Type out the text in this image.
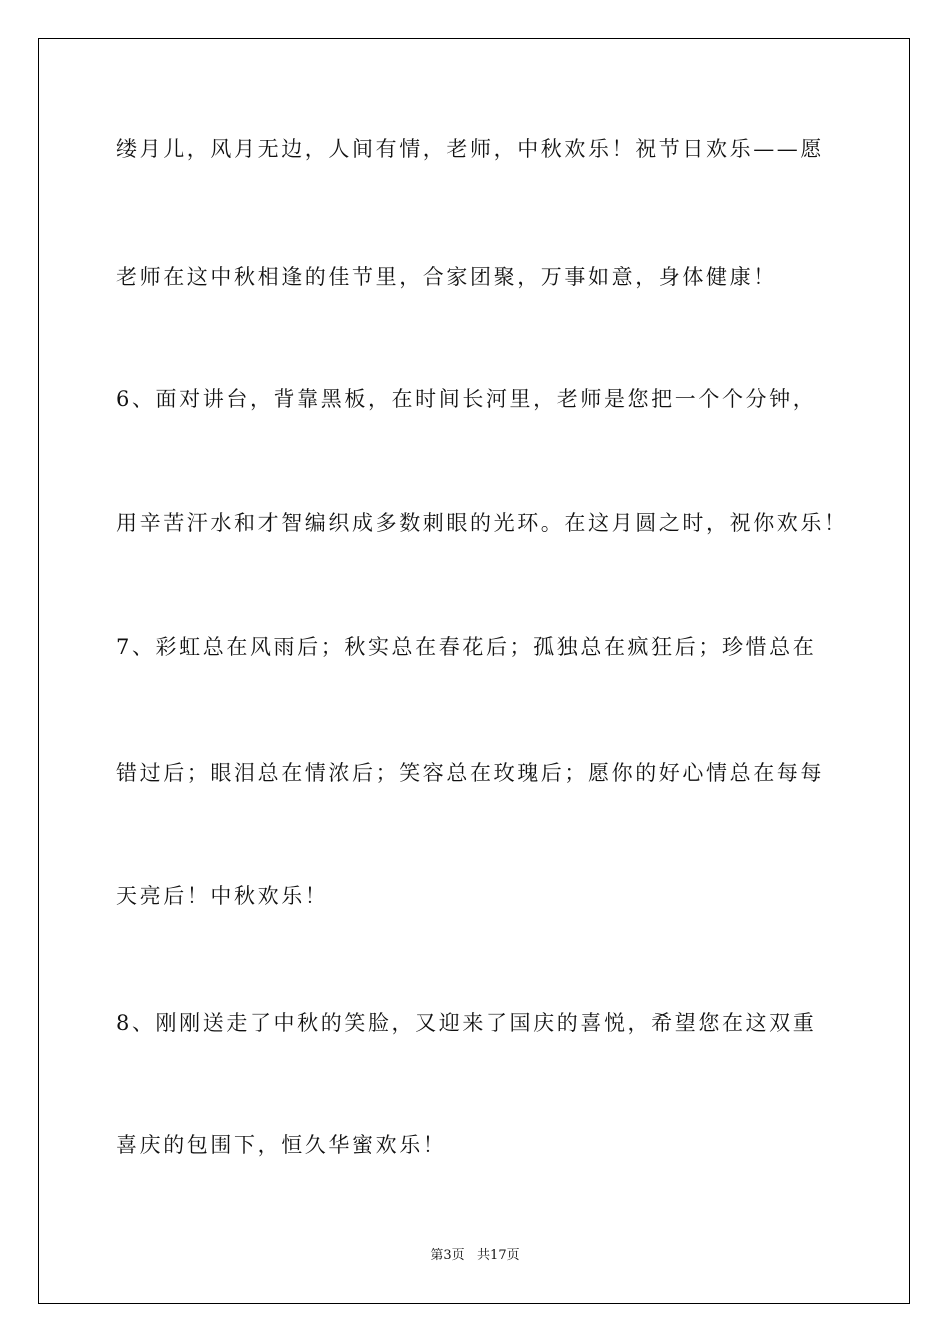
缕月儿，风月无边，人间有情，老师，中秋欢乐！祝节日欢乐——愿
老师在这中秋相逢的佳节里，合家团聚，万事如意，身体健康！
6、面对讲台，背靠黑板，在时间长河里，老师是您把一个个分钟，
用辛苦汗水和才智编织成多数刺眼的光环。在这月圆之时，祝你欢乐！
7、彩虹总在风雨后；秋实总在春花后；孤独总在疯狂后；珍惜总在
错过后；眼泪总在情浓后；笑容总在玫瑰后；愿你的好心情总在每每
天亮后！中秋欢乐！
8、刚刚送走了中秋的笑脸，又迎来了国庆的喜悦，希望您在这双重
喜庆的包围下，恒久华蜜欢乐！
第3页   共17页
